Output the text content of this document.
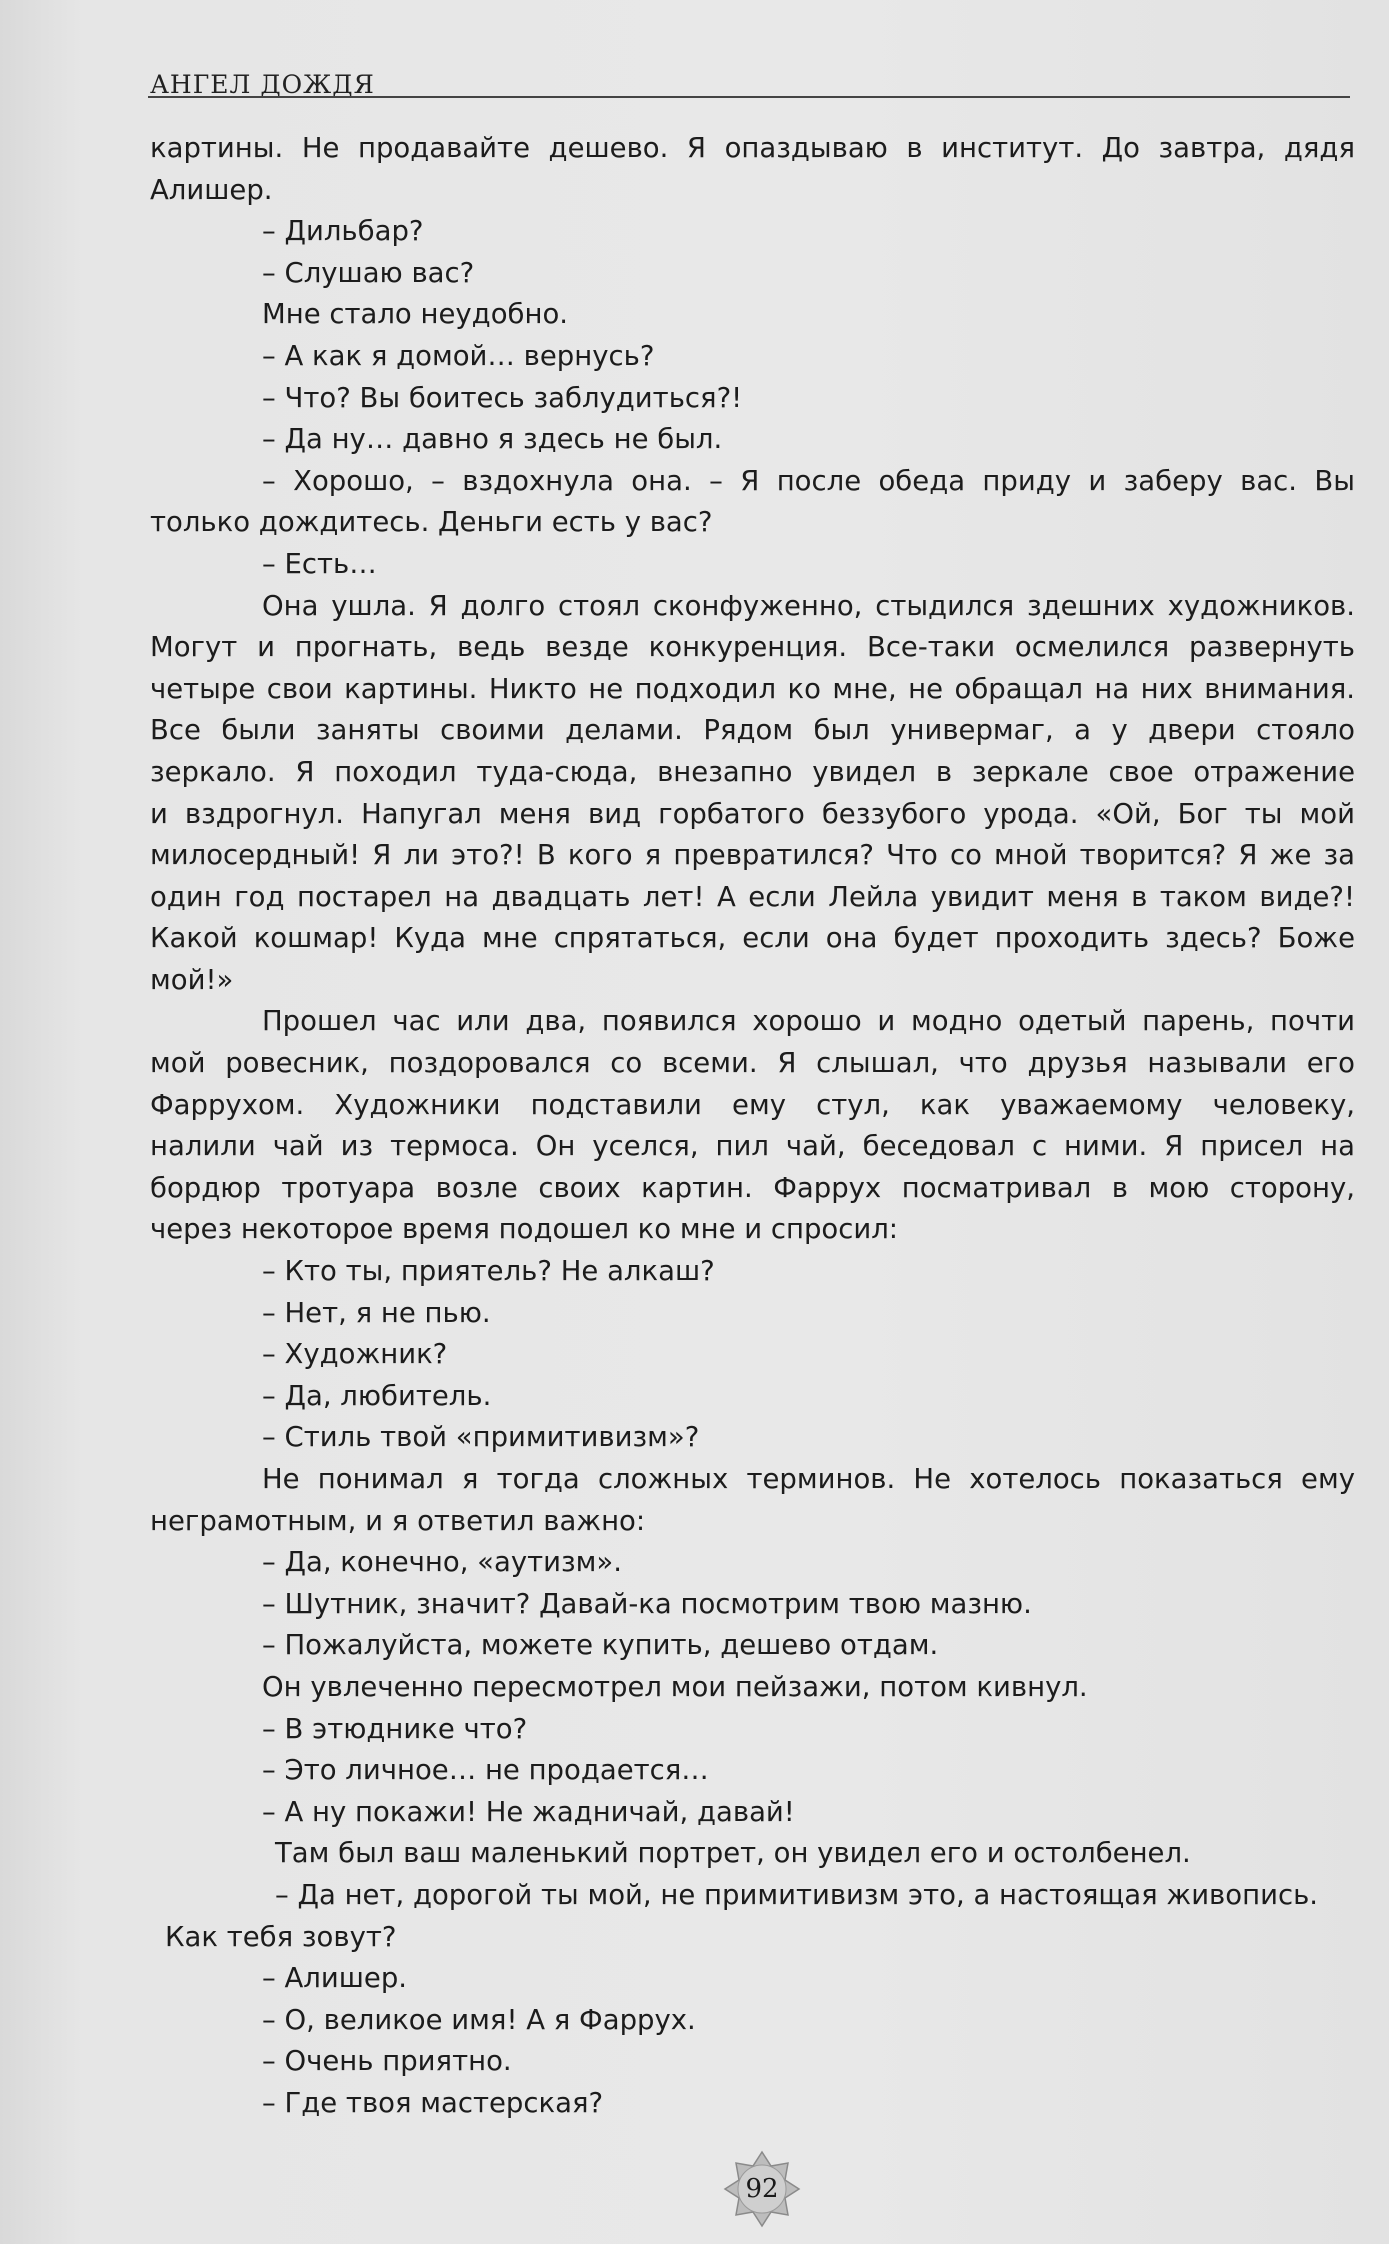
АНГЕЛ ДОЖДЯ
картины. Не продавайте дешево. Я опаздываю в институт. До завтра, дядя
Алишер.
– Дильбар?
– Слушаю вас?
Мне стало неудобно.
– А как я домой… вернусь?
– Что? Вы боитесь заблудиться?!
– Да ну… давно я здесь не был.
– Хорошо, – вздохнула она. – Я после обеда приду и заберу вас. Вы
только дождитесь. Деньги есть у вас?
– Есть…
Она ушла. Я долго стоял сконфуженно, стыдился здешних художников.
Могут и прогнать, ведь везде конкуренция. Все-таки осмелился развернуть
четыре свои картины. Никто не подходил ко мне, не обращал на них внимания.
Все были заняты своими делами. Рядом был универмаг, а у двери стояло
зеркало. Я походил туда-сюда, внезапно увидел в зеркале свое отражение
и вздрогнул. Напугал меня вид горбатого беззубого урода. «Ой, Бог ты мой
милосердный! Я ли это?! В кого я превратился? Что со мной творится? Я же за
один год постарел на двадцать лет! А если Лейла увидит меня в таком виде?!
Какой кошмар! Куда мне спрятаться, если она будет проходить здесь? Боже
мой!»
Прошел час или два, появился хорошо и модно одетый парень, почти
мой ровесник, поздоровался со всеми. Я слышал, что друзья называли его
Фаррухом. Художники подставили ему стул, как уважаемому человеку,
налили чай из термоса. Он уселся, пил чай, беседовал с ними. Я присел на
бордюр тротуара возле своих картин. Фаррух посматривал в мою сторону,
через некоторое время подошел ко мне и спросил:
– Кто ты, приятель? Не алкаш?
– Нет, я не пью.
– Художник?
– Да, любитель.
– Стиль твой «примитивизм»?
Не понимал я тогда сложных терминов. Не хотелось показаться ему
неграмотным, и я ответил важно:
– Да, конечно, «аутизм».
– Шутник, значит? Давай-ка посмотрим твою мазню.
– Пожалуйста, можете купить, дешево отдам.
Он увлеченно пересмотрел мои пейзажи, потом кивнул.
– В этюднике что?
– Это личное… не продается…
– А ну покажи! Не жадничай, давай!
Там был ваш маленький портрет, он увидел его и остолбенел.
– Да нет, дорогой ты мой, не примитивизм это, а настоящая живопись.
Как тебя зовут?
– Алишер.
– О, великое имя! А я Фаррух.
– Очень приятно.
– Где твоя мастерская?
92
